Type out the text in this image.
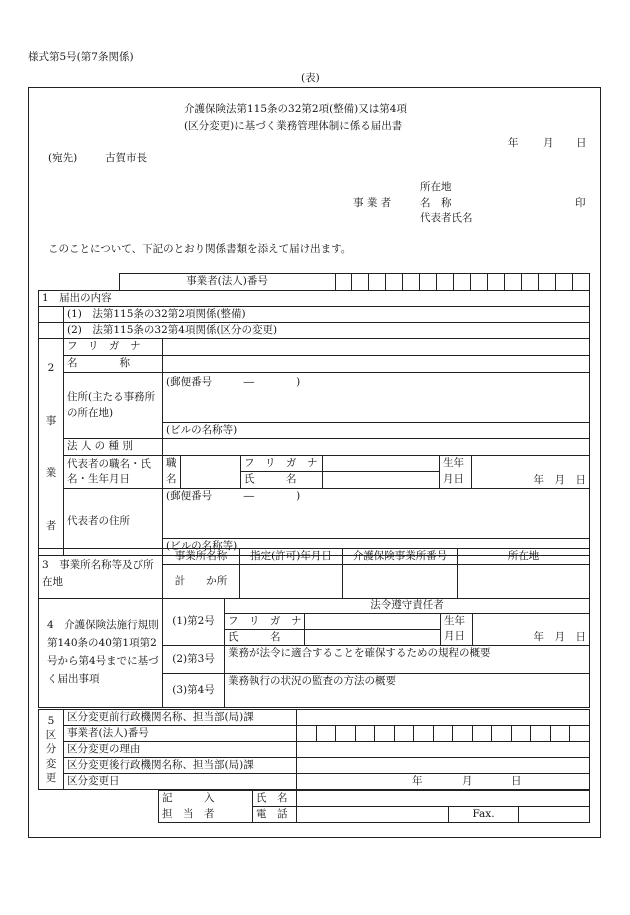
様式第5号(第7条関係)
(表)
介護保険法第115条の32第2項(整備)又は第4項
(区分変更)に基づく業務管理体制に係る届出書
年 月 日
(宛先)	古賀市長
所在地
事 業 者	名　称	印
代表者氏名
このことについて、下記のとおり関係書類を添えて届け出ます。
	事業者(法人)番号															
1　届出の内容	
	(1)　法第115条の32第2項関係(整備)
	(2)　法第115条の32第4項関係(区分の変更)
2

事

業

者	フ　リ　ガ　ナ						
	名　　　　称						
	住所(主たる事務所の所在地)	(郵便番号　　　―　　　　)					
		(ビルの名称等)					
	法 人 の 種 別						
	代表者の職名・氏名・生年月日	職		フ　リ　ガ　ナ		生年	年　月　日
		名		氏　　　名		月日	
	代表者の住所	(郵便番号　　　―　　　　)					
		(ビルの名称等)					
3　事業所名称等及び所在地	事業所名称	指定(許可)年月日	介護保険事業所番号	所在地
	計　　か所			
4　介護保険法施行規則第140条の40第1項第2号から第4号までに基づく届出事項	(1)第2号	法令遵守責任者			
		フ　リ　ガ　ナ		生年	年　月　日
		氏　　　名		月日	
	(2)第3号	業務が法令に適合することを確保するための規程の概要			
	(3)第4号	業務執行の状況の監査の方法の概要			
5
区
分
変
更	区分変更前行政機関名称、担当部(局)課															
	事業者(法人)番号															
	区分変更の理由															
	区分変更後行政機関名称、担当部(局)課															
	区分変更日	年 月 日														
記　　　入
担　当　者	氏　名			
	電　話		Fax.	
